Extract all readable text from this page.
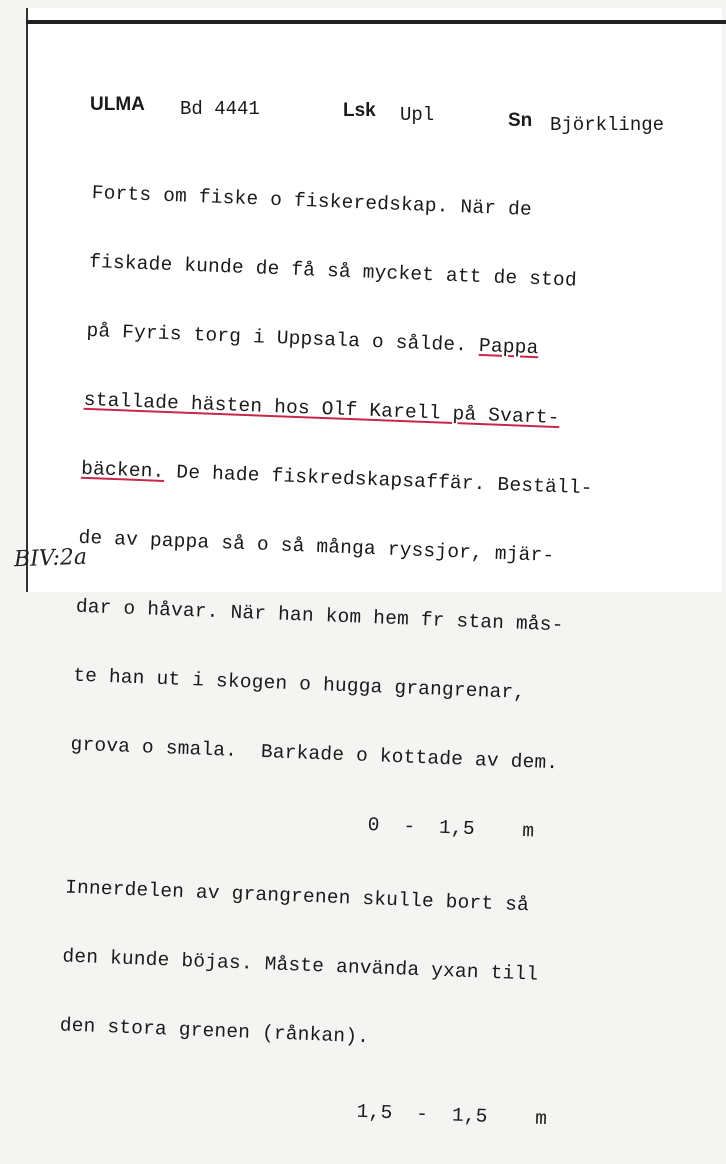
ULMA Bd 4441	Lsk Upl	Sn Björklinge

Forts om fiske o fiskeredskap. När de

fiskade kunde de få så mycket att de stod

på Fyris torg i Uppsala o sålde. Pappa

stallade hästen hos Olf Karell på Svart-

bäcken. De hade fiskredskapsaffär. Beställ-

de av pappa så o så många ryssjor, mjär-

dar o håvar. När han kom hem fr stan mås-

te han ut i skogen o hugga grangrenar,

grova o smala.  Barkade o kottade av dem.

0  -  1,5    m

Innerdelen av grangrenen skulle bort så

den kunde böjas. Måste använda yxan till

den stora grenen (rånkan).

1,5  -  1,5    m

BIV:2a
